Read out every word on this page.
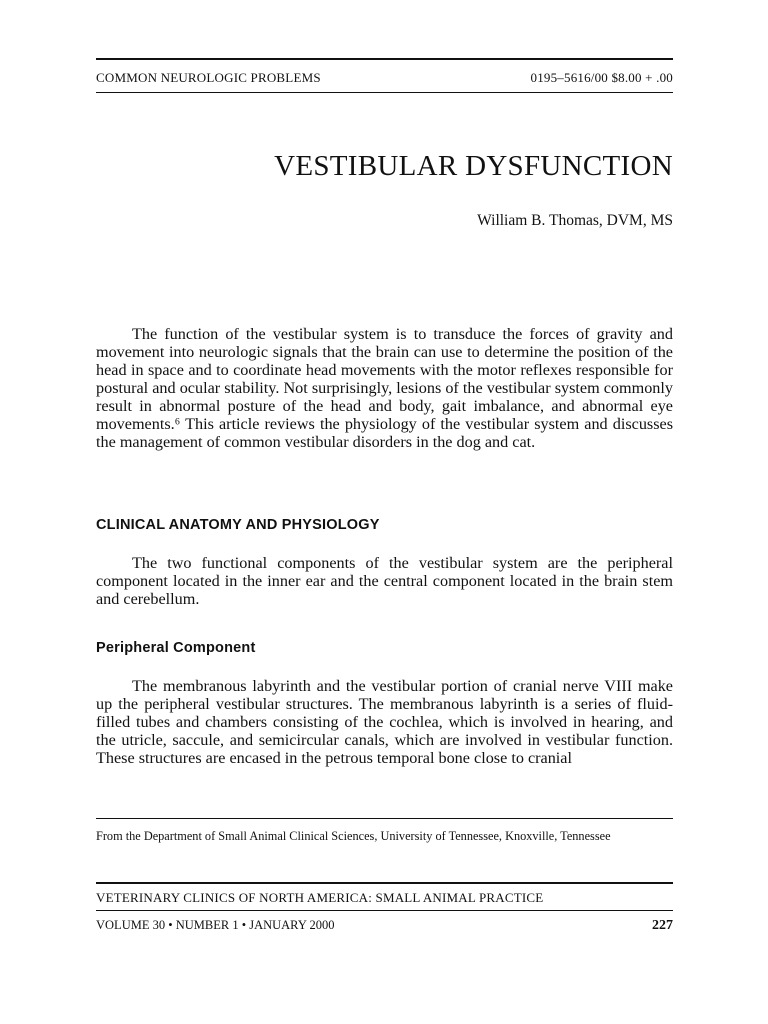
COMMON NEUROLOGIC PROBLEMS	0195–5616/00 $8.00 + .00
VESTIBULAR DYSFUNCTION
William B. Thomas, DVM, MS

The function of the vestibular system is to transduce the forces of gravity and movement into neurologic signals that the brain can use to determine the position of the head in space and to coordinate head movements with the motor reflexes responsible for postural and ocular stability. Not surprisingly, lesions of the vestibular system commonly result in abnormal posture of the head and body, gait imbalance, and abnormal eye movements.⁶ This article reviews the physiology of the vestibular system and discusses the management of common vestibular disorders in the dog and cat.

CLINICAL ANATOMY AND PHYSIOLOGY

The two functional components of the vestibular system are the peripheral component located in the inner ear and the central component located in the brain stem and cerebellum.

Peripheral Component

The membranous labyrinth and the vestibular portion of cranial nerve VIII make up the peripheral vestibular structures. The membranous labyrinth is a series of fluid-filled tubes and chambers consisting of the cochlea, which is involved in hearing, and the utricle, saccule, and semicircular canals, which are involved in vestibular function. These structures are encased in the petrous temporal bone close to cranial

From the Department of Small Animal Clinical Sciences, University of Tennessee, Knoxville, Tennessee

VETERINARY CLINICS OF NORTH AMERICA: SMALL ANIMAL PRACTICE
VOLUME 30 • NUMBER 1 • JANUARY 2000	227
